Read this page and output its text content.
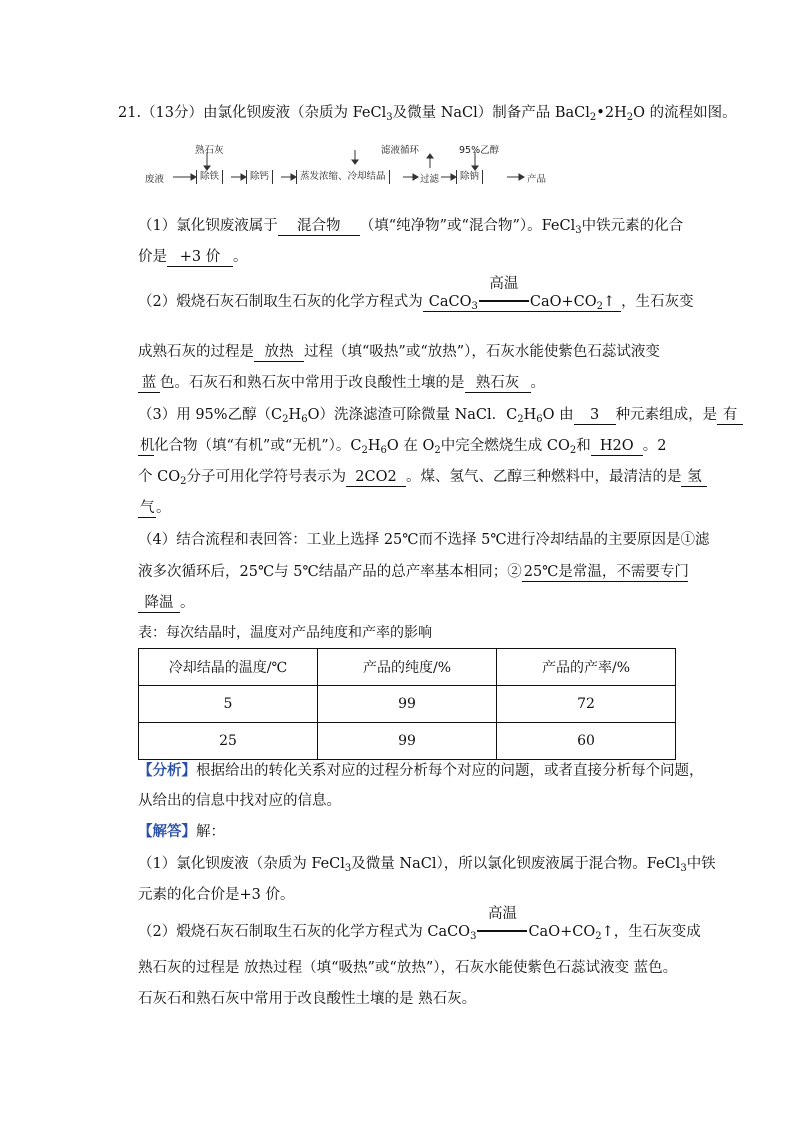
21.（13分）由氯化钡废液（杂质为 FeCl$_3$及微量 NaCl）制备产品 $BaCl_2•2H_2O$ 的流程如图。
废液
熟石灰
除铁	除钙
滤液循环
蒸发浓缩、冷却结晶	过滤
95%乙醇
除钠	产品
（1）氯化钡废液属于 混合物 （填“纯净物”或“混合物”）。FeCl$_3$中铁元素的化合
价是 +3 价 。
（2）煅烧石灰石制取生石灰的化学方程式为 CaCO$_3$
高温
$CaO+CO_2↑$ ，生石灰变
成熟石灰的过程是 放热 过程（填“吸热”或“放热”），石灰水能使紫色石蕊试液变
蓝 色。石灰石和熟石灰中常用于改良酸性土壤的是 熟石灰 。
（3）用 95%乙醇$(C_2H_6O)$洗涤滤渣可除微量 NaCl．$C_2H_6O$ 由 3 种元素组成，是 有
机化合物（填“有机”或“无机”）。$C_2H_6O$ 在 $O_2$中完全燃烧生成 $CO_2$和 H2O 。2
个 $CO_2$分子可用化学符号表示为 2CO2 。煤、氢气、乙醇三种燃料中，最清洁的是 氢
气 。
（4）结合流程和表回答：工业上选择 25℃而不选择 5℃进行冷却结晶的主要原因是①滤
液多次循环后，25℃与 5℃结晶产品的总产率基本相同；② 25℃是常温，不需要专门
降温 。
表：每次结晶时，温度对产品纯度和产率的影响
冷却结晶的温度/℃	产品的纯度/%	产品的产率/%
5	99	72
25	99	60
【分析】根据给出的转化关系对应的过程分析每个对应的问题，或者直接分析每个问题，
从给出的信息中找对应的信息。
【解答】解：
（1）氯化钡废液（杂质为 FeCl$_3$及微量 NaCl），所以氯化钡废液属于混合物。FeCl$_3$中铁
元素的化合价是+3 价。
（2）煅烧石灰石制取生石灰的化学方程式为 CaCO$_3$
高温
$CaO+CO_2↑$，生石灰变成
熟石灰的过程是 放热过程（填“吸热”或“放热”），石灰水能使紫色石蕊试液变 蓝色。
石灰石和熟石灰中常用于改良酸性土壤的是 熟石灰。
